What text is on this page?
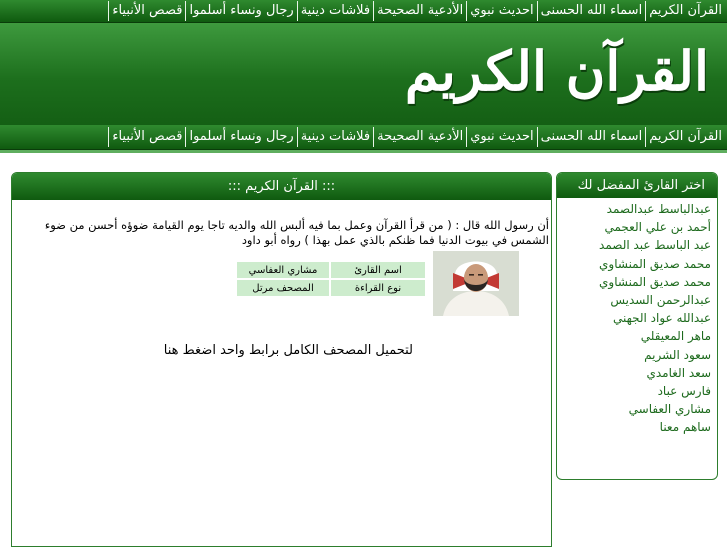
القرآن الكريم
اسماء الله الحسنى
احديث نبوي
الأدعية الصحيحة
فلاشات دينية
رجال ونساء أسلموا
قصص الأنبياء
القرآن الكريم
القرآن الكريم
اسماء الله الحسنى
احديث نبوي
الأدعية الصحيحة
فلاشات دينية
رجال ونساء أسلموا
قصص الأنبياء
اختر القارئ المفضل لك
عبدالباسط عبدالصمد
أحمد بن علي العجمي
عبد الباسط عبد الصمد
محمد صديق المنشاوي
محمد صديق المنشاوي
عبدالرحمن السديس
عبدالله عواد الجهني
ماهر المعيقلي
سعود الشريم
سعد الغامدي
فارس عباد
مشاري العفاسي
ساهم معنا
::: القرآن الكريم :::

أن رسول الله قال : ( من قرأ القرآن وعمل بما فيه ألبس الله والديه تاجا يوم القيامة ضوؤه أحسن من ضوء الشمس في بيوت الدنيا فما ظنكم بالذي عمل بهذا ) رواه أبو داود

اسم القارئ	مشاري العفاسي
نوع القراءة	المصحف مرتل
لتحميل المصحف الكامل برابط واحد اضغط هنا
